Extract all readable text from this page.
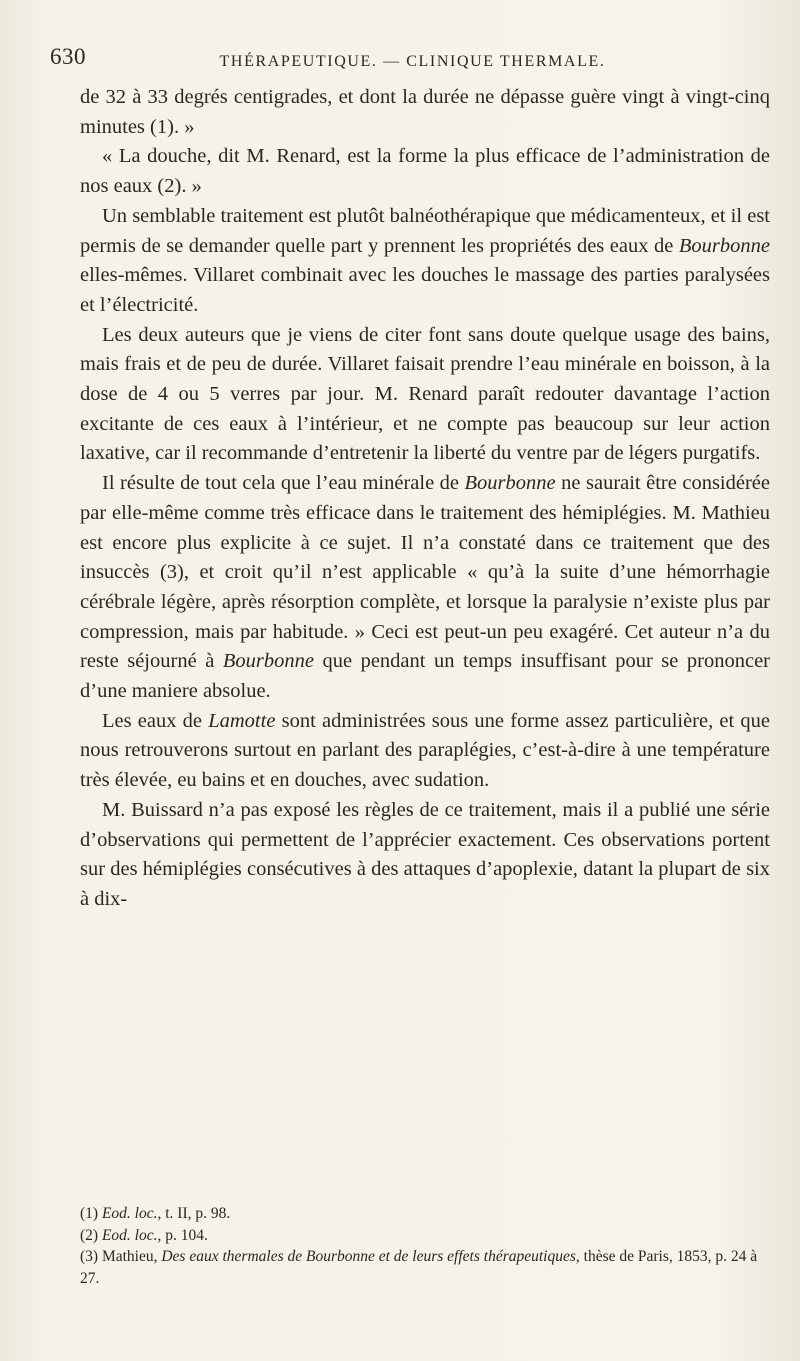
630	THÉRAPEUTIQUE. — CLINIQUE THERMALE.

de 32 à 33 degrés centigrades, et dont la durée ne dépasse guère vingt à vingt-cinq minutes (1). »

« La douche, dit M. Renard, est la forme la plus efficace de l’administration de nos eaux (2). »

Un semblable traitement est plutôt balnéothérapique que médicamenteux, et il est permis de se demander quelle part y prennent les propriétés des eaux de Bourbonne elles-mêmes. Villaret combinait avec les douches le massage des parties paralysées et l’électricité.

Les deux auteurs que je viens de citer font sans doute quelque usage des bains, mais frais et de peu de durée. Villaret faisait prendre l’eau minérale en boisson, à la dose de 4 ou 5 verres par jour. M. Renard paraît redouter davantage l’action excitante de ces eaux à l’intérieur, et ne compte pas beaucoup sur leur action laxative, car il recommande d’entretenir la liberté du ventre par de légers purgatifs.

Il résulte de tout cela que l’eau minérale de Bourbonne ne saurait être considérée par elle-même comme très efficace dans le traitement des hémiplégies. M. Mathieu est encore plus explicite à ce sujet. Il n’a constaté dans ce traitement que des insuccès (3), et croit qu’il n’est applicable « qu’à la suite d’une hémorrhagie cérébrale légère, après résorption complète, et lorsque la paralysie n’existe plus par compression, mais par habitude. » Ceci est peut-un peu exagéré. Cet auteur n’a du reste séjourné à Bourbonne que pendant un temps insuffisant pour se prononcer d’une maniere absolue.

Les eaux de Lamotte sont administrées sous une forme assez particulière, et que nous retrouverons surtout en parlant des paraplégies, c’est-à-dire à une température très élevée, eu bains et en douches, avec sudation.

M. Buissard n’a pas exposé les règles de ce traitement, mais il a publié une série d’observations qui permettent de l’apprécier exactement. Ces observations portent sur des hémiplégies consécutives à des attaques d’apoplexie, datant la plupart de six à dix-

(1) Eod. loc., t. II, p. 98.

(2) Eod. loc., p. 104.

(3) Mathieu, Des eaux thermales de Bourbonne et de leurs effets thérapeutiques, thèse de Paris, 1853, p. 24 à 27.
